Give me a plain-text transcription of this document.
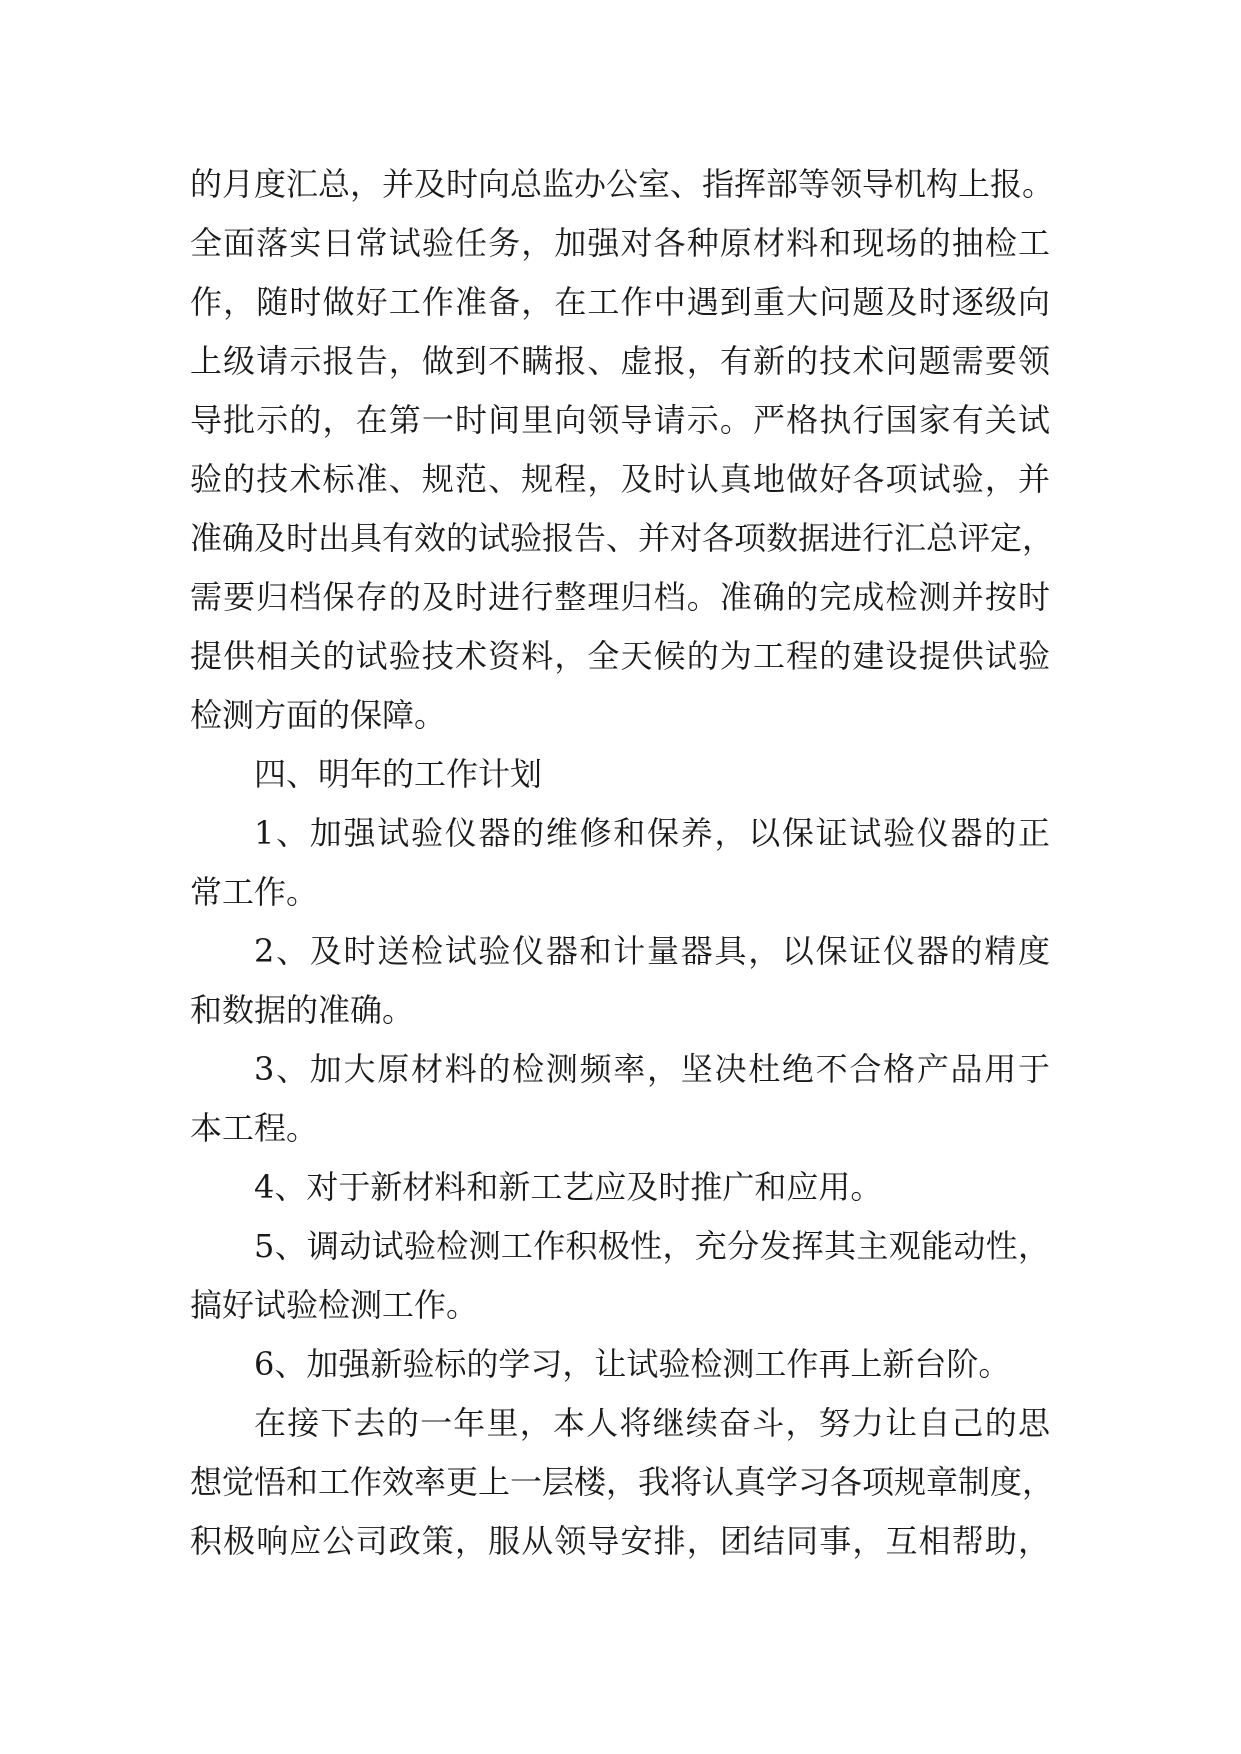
的月度汇总，并及时向总监办公室、指挥部等领导机构上报。
全面落实日常试验任务，加强对各种原材料和现场的抽检工
作，随时做好工作准备，在工作中遇到重大问题及时逐级向
上级请示报告，做到不瞒报、虚报，有新的技术问题需要领
导批示的，在第一时间里向领导请示。严格执行国家有关试
验的技术标准、规范、规程，及时认真地做好各项试验，并
准确及时出具有效的试验报告、并对各项数据进行汇总评定，
需要归档保存的及时进行整理归档。准确的完成检测并按时
提供相关的试验技术资料，全天候的为工程的建设提供试验
检测方面的保障。
四、明年的工作计划
1、加强试验仪器的维修和保养，以保证试验仪器的正
常工作。
2、及时送检试验仪器和计量器具，以保证仪器的精度
和数据的准确。
3、加大原材料的检测频率，坚决杜绝不合格产品用于
本工程。
4、对于新材料和新工艺应及时推广和应用。
5、调动试验检测工作积极性，充分发挥其主观能动性，
搞好试验检测工作。
6、加强新验标的学习，让试验检测工作再上新台阶。
在接下去的一年里，本人将继续奋斗，努力让自己的思
想觉悟和工作效率更上一层楼，我将认真学习各项规章制度，
积极响应公司政策，服从领导安排，团结同事，互相帮助，
